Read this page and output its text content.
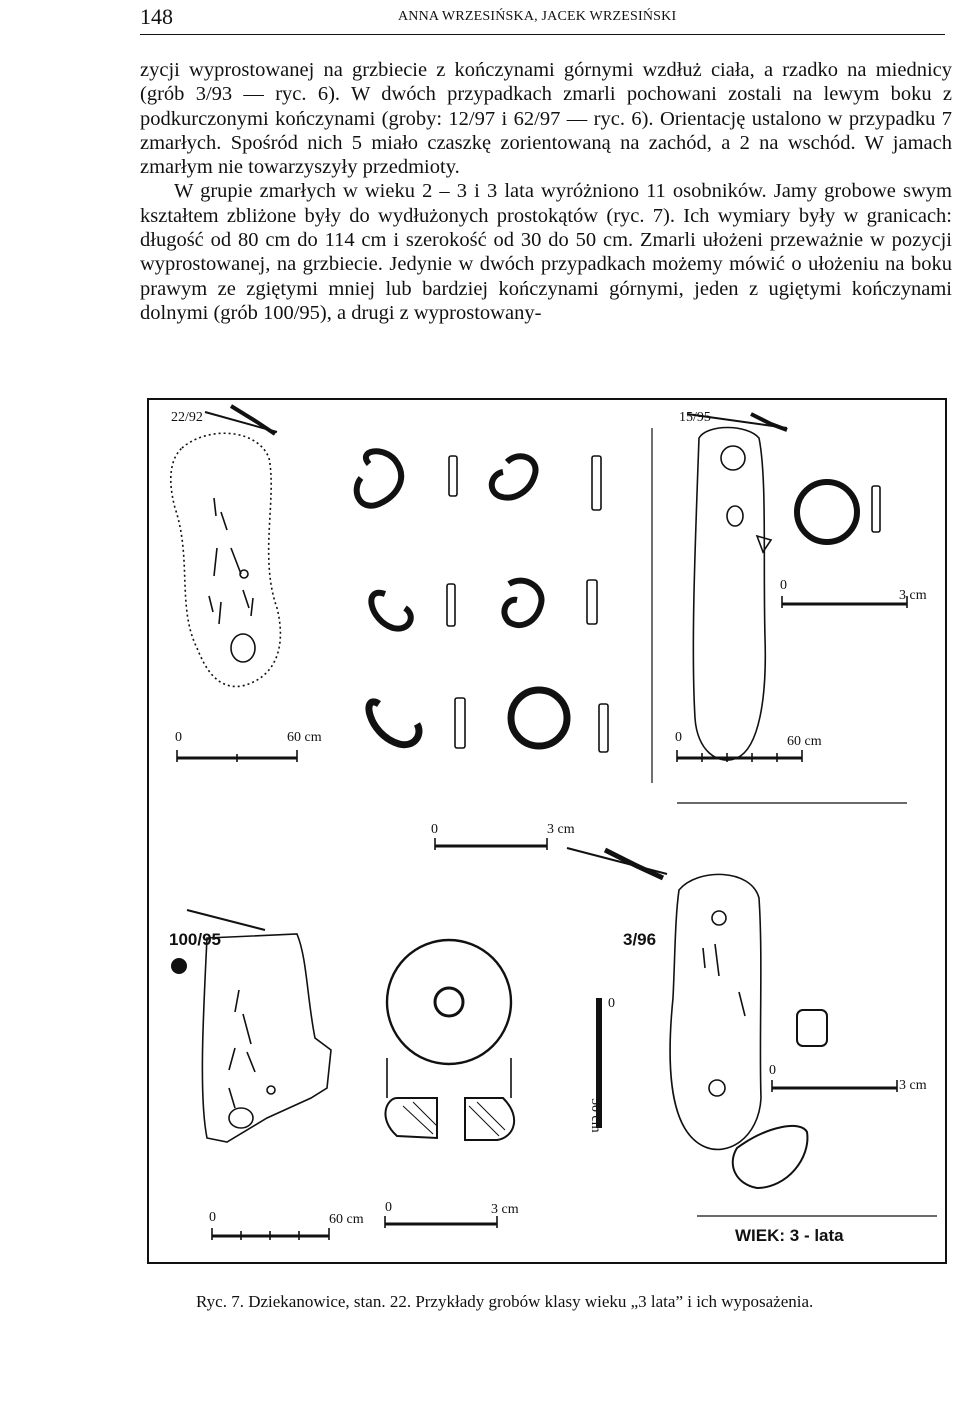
148	ANNA WRZESIŃSKA, JACEK WRZESIŃSKI

zycji wyprostowanej na grzbiecie z kończynami górnymi wzdłuż ciała, a rzadko na miednicy (grób 3/93 — ryc. 6). W dwóch przypadkach zmarli pochowani zostali na lewym boku z podkurczonymi kończynami (groby: 12/97 i 62/97 — ryc. 6). Orientację ustalono w przypadku 7 zmarłych. Spośród nich 5 miało czaszkę zorientowaną na zachód, a 2 na wschód. W jamach zmarłym nie towarzyszyły przedmioty.

W grupie zmarłych w wieku 2 – 3 i 3 lata wyróżniono 11 osobników. Jamy grobowe swym kształtem zbliżone były do wydłużonych prostokątów (ryc. 7). Ich wymiary były w granicach: długość od 80 cm do 114 cm i szerokość od 30 do 50 cm. Zmarli ułożeni przeważnie w pozycji wyprostowanej, na grzbiecie. Jedynie w dwóch przypadkach możemy mówić o ułożeniu na boku prawym ze zgiętymi mniej lub bardziej kończynami górnymi, jeden z ugiętymi kończynami dolnymi (grób 100/95), a drugi z wyprostowany-

22/92	15/95
100/95	3/96
0	60 cm	0	60 cm
0
3 cm
0	3 cm
0
50 cm
0
3 cm
0	60 cm
0	3 cm
WIEK: 3 - lata
Ryc. 7. Dziekanowice, stan. 22. Przykłady grobów klasy wieku „3 lata” i ich wyposażenia.
